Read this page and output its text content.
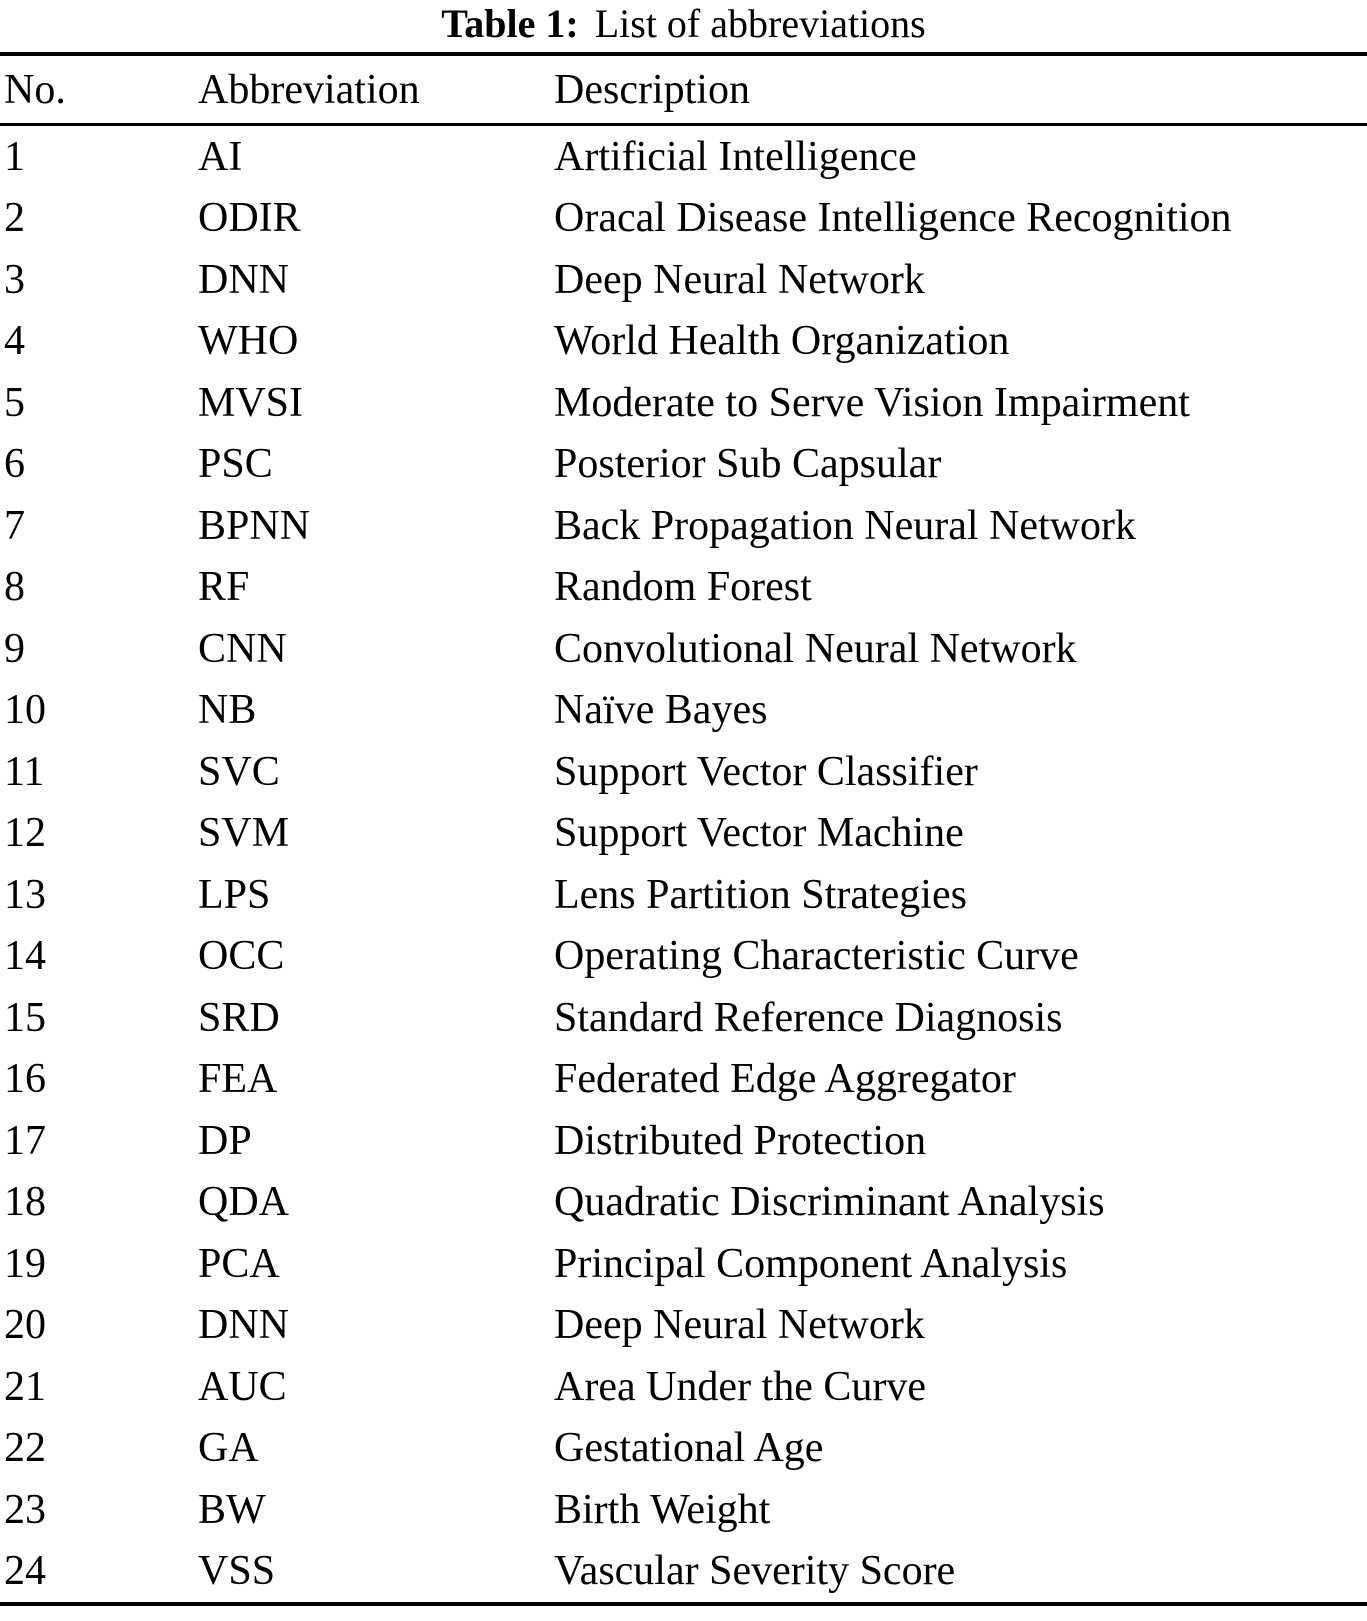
Table 1: List of abbreviations
No.	Abbreviation	Description
1	AI	Artificial Intelligence
2	ODIR	Oracal Disease Intelligence Recognition
3	DNN	Deep Neural Network
4	WHO	World Health Organization
5	MVSI	Moderate to Serve Vision Impairment
6	PSC	Posterior Sub Capsular
7	BPNN	Back Propagation Neural Network
8	RF	Random Forest
9	CNN	Convolutional Neural Network
10	NB	Naïve Bayes
11	SVC	Support Vector Classifier
12	SVM	Support Vector Machine
13	LPS	Lens Partition Strategies
14	OCC	Operating Characteristic Curve
15	SRD	Standard Reference Diagnosis
16	FEA	Federated Edge Aggregator
17	DP	Distributed Protection
18	QDA	Quadratic Discriminant Analysis
19	PCA	Principal Component Analysis
20	DNN	Deep Neural Network
21	AUC	Area Under the Curve
22	GA	Gestational Age
23	BW	Birth Weight
24	VSS	Vascular Severity Score
